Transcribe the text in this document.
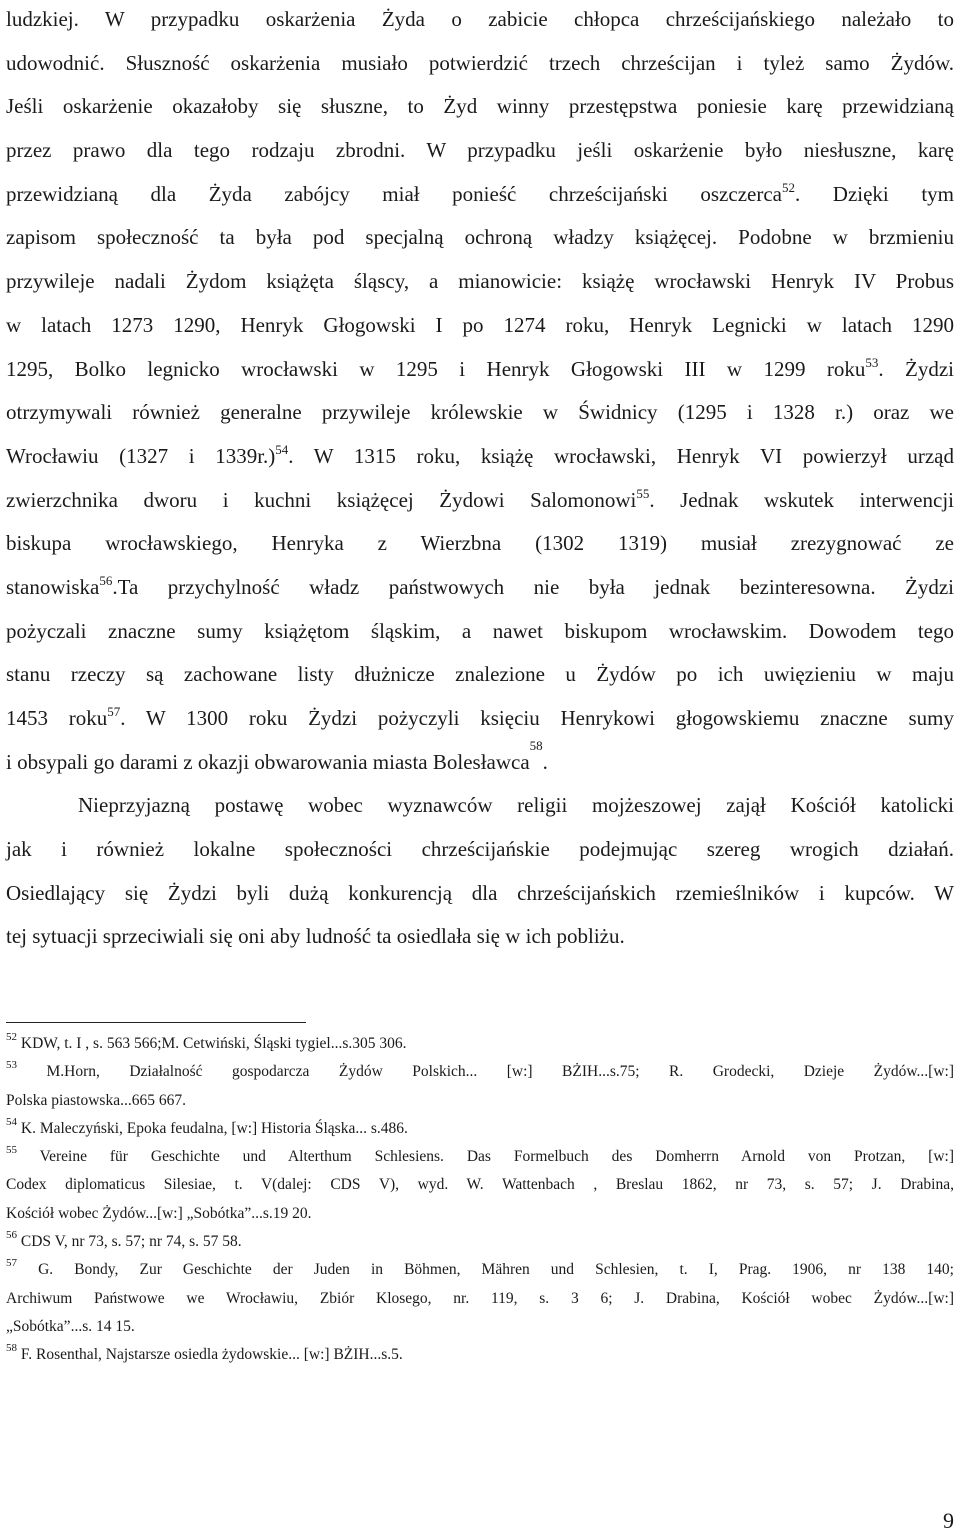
ludzkiej. W przypadku oskarżenia Żyda o zabicie chłopca chrześcijańskiego należało to
udowodnić. Słuszność oskarżenia musiało potwierdzić trzech chrześcijan i tyleż samo Żydów.
Jeśli oskarżenie okazałoby się słuszne, to Żyd winny przestępstwa poniesie karę przewidzianą
przez prawo dla tego rodzaju zbrodni. W przypadku jeśli oskarżenie było niesłuszne, karę
przewidzianą dla Żyda zabójcy miał ponieść chrześcijański oszczerca$^{52}$. Dzięki tym
zapisom społeczność ta była pod specjalną ochroną władzy książęcej. Podobne w brzmieniu
przywileje nadali Żydom książęta śląscy, a mianowicie: książę wrocławski Henryk IV Probus
w latach 1273 1290, Henryk Głogowski I po 1274 roku, Henryk Legnicki w latach 1290
1295, Bolko legnicko wrocławski w 1295 i Henryk Głogowski III w 1299 roku$^{53}$. Żydzi
otrzymywali również generalne przywileje królewskie w Świdnicy (1295 i 1328 r.) oraz we
Wrocławiu (1327 i 1339r.)$^{54}$. W 1315 roku, książę wrocławski, Henryk VI powierzył urząd
zwierzchnika dworu i kuchni książęcej Żydowi Salomonowi$^{55}$. Jednak wskutek interwencji
biskupa wrocławskiego, Henryka z Wierzbna (1302 1319) musiał zrezygnować ze
stanowiska$^{56}$.Ta przychylność władz państwowych nie była jednak bezinteresowna. Żydzi
pożyczali znaczne sumy książętom śląskim, a nawet biskupom wrocławskim. Dowodem tego
stanu rzeczy są zachowane listy dłużnicze znalezione u Żydów po ich uwięzieniu w maju
1453 roku$^{57}$. W 1300 roku Żydzi pożyczyli księciu Henrykowi głogowskiemu znaczne sumy
i obsypali go darami z okazji obwarowania miasta Bolesławca
58
.
Nieprzyjazną postawę wobec wyznawców religii mojżeszowej zajął Kościół katolicki
jak i również lokalne społeczności chrześcijańskie podejmując szereg wrogich działań.
Osiedlający się Żydzi byli dużą konkurencją dla chrześcijańskich rzemieślników i kupców. W
tej sytuacji sprzeciwiali się oni aby ludność ta osiedlała się w ich pobliżu.
$^{52}$ KDW, t. I , s. 563 566;M. Cetwiński, Śląski tygiel...s.305 306.
$^{53}$ M.Horn, Działalność gospodarcza Żydów Polskich... [w:] BŻIH...s.75; R. Grodecki, Dzieje Żydów...[w:]
Polska piastowska...665 667.
$^{54}$ K. Maleczyński, Epoka feudalna, [w:] Historia Śląska... s.486.
$^{55}$ Vereine für Geschichte und Alterthum Schlesiens. Das Formelbuch des Domherrn Arnold von Protzan, [w:]
Codex diplomaticus Silesiae, t. V(dalej: CDS V), wyd. W. Wattenbach , Breslau 1862, nr 73, s. 57; J. Drabina,
Kościół wobec Żydów...[w:] „Sobótka”...s.19 20.
$^{56}$ CDS V, nr 73, s. 57; nr 74, s. 57 58.
$^{57}$ G. Bondy, Zur Geschichte der Juden in Böhmen, Mähren und Schlesien, t. I, Prag. 1906, nr 138 140;
Archiwum Państwowe we Wrocławiu, Zbiór Klosego, nr. 119, s. 3 6; J. Drabina, Kościół wobec Żydów...[w:]
„Sobótka”...s. 14 15.
$^{58}$ F. Rosenthal, Najstarsze osiedla żydowskie... [w:] BŻIH...s.5.
9
